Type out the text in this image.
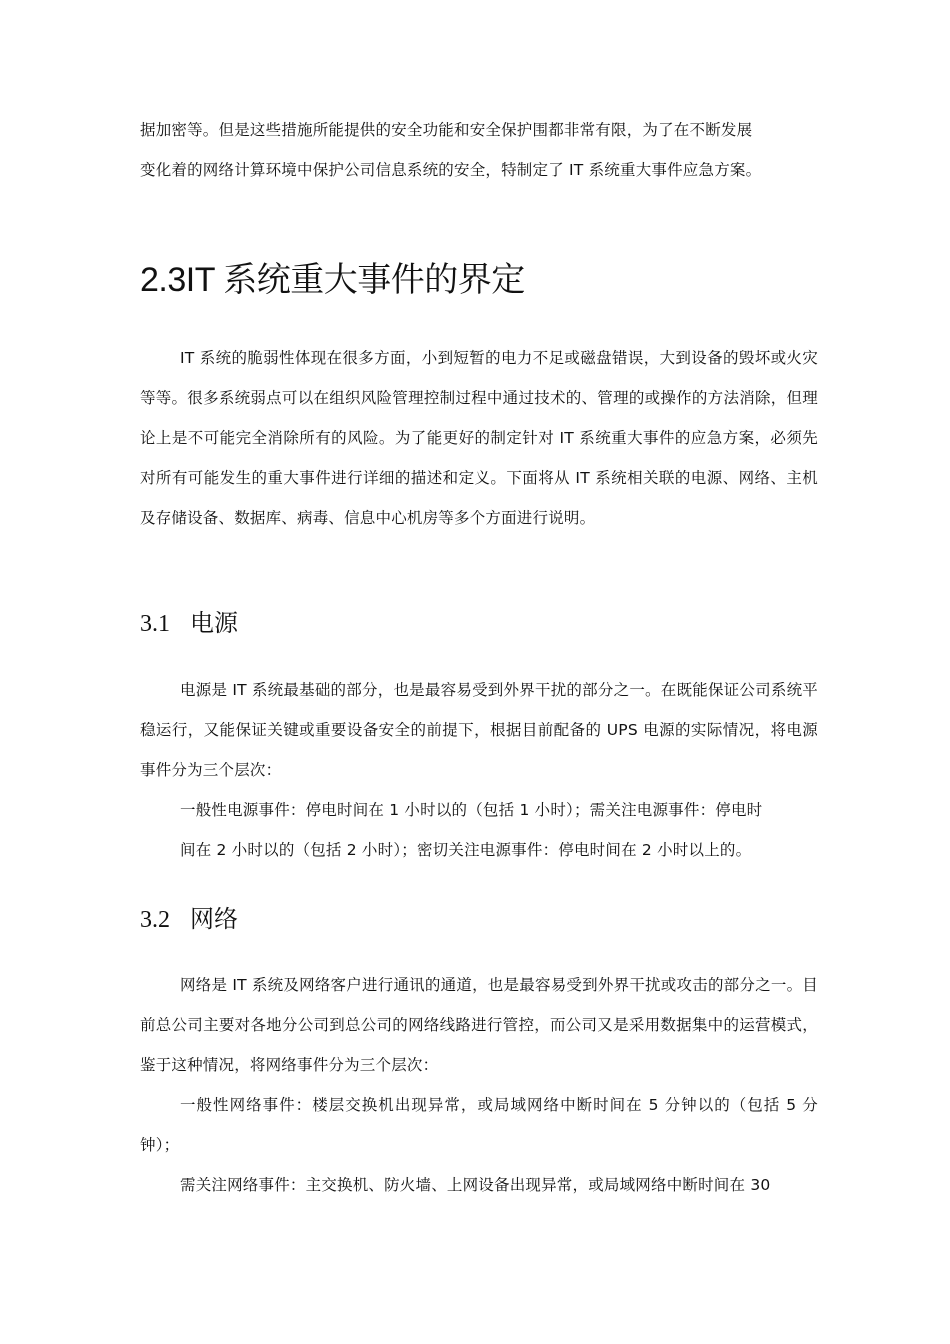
据加密等。但是这些措施所能提供的安全功能和安全保护围都非常有限，为了在不断发展
变化着的网络计算环境中保护公司信息系统的安全，特制定了 IT 系统重大事件应急方案。
2.3IT 系统重大事件的界定

IT 系统的脆弱性体现在很多方面，小到短暂的电力不足或磁盘错误，大到设备的毁坏或火灾等等。很多系统弱点可以在组织风险管理控制过程中通过技术的、管理的或操作的方法消除，但理论上是不可能完全消除所有的风险。为了能更好的制定针对 IT 系统重大事件的应急方案，必须先对所有可能发生的重大事件进行详细的描述和定义。下面将从 IT 系统相关联的电源、网络、主机及存储设备、数据库、病毒、信息中心机房等多个方面进行说明。

3.1 电源

电源是 IT 系统最基础的部分，也是最容易受到外界干扰的部分之一。在既能保证公司系统平稳运行，又能保证关键或重要设备安全的前提下，根据目前配备的 UPS 电源的实际情况，将电源事件分为三个层次：

一般性电源事件：停电时间在 1 小时以的（包括 1 小时）；需关注电源事件：停电时
间在 2 小时以的（包括 2 小时）；密切关注电源事件：停电时间在 2 小时以上的。
3.2 网络

网络是 IT 系统及网络客户进行通讯的通道，也是最容易受到外界干扰或攻击的部分之一。目前总公司主要对各地分公司到总公司的网络线路进行管控，而公司又是采用数据集中的运营模式，鉴于这种情况，将网络事件分为三个层次：

一般性网络事件：楼层交换机出现异常，或局域网络中断时间在 5 分钟以的（包括 5 分钟）；

需关注网络事件：主交换机、防火墙、上网设备出现异常，或局域网络中断时间在 30
